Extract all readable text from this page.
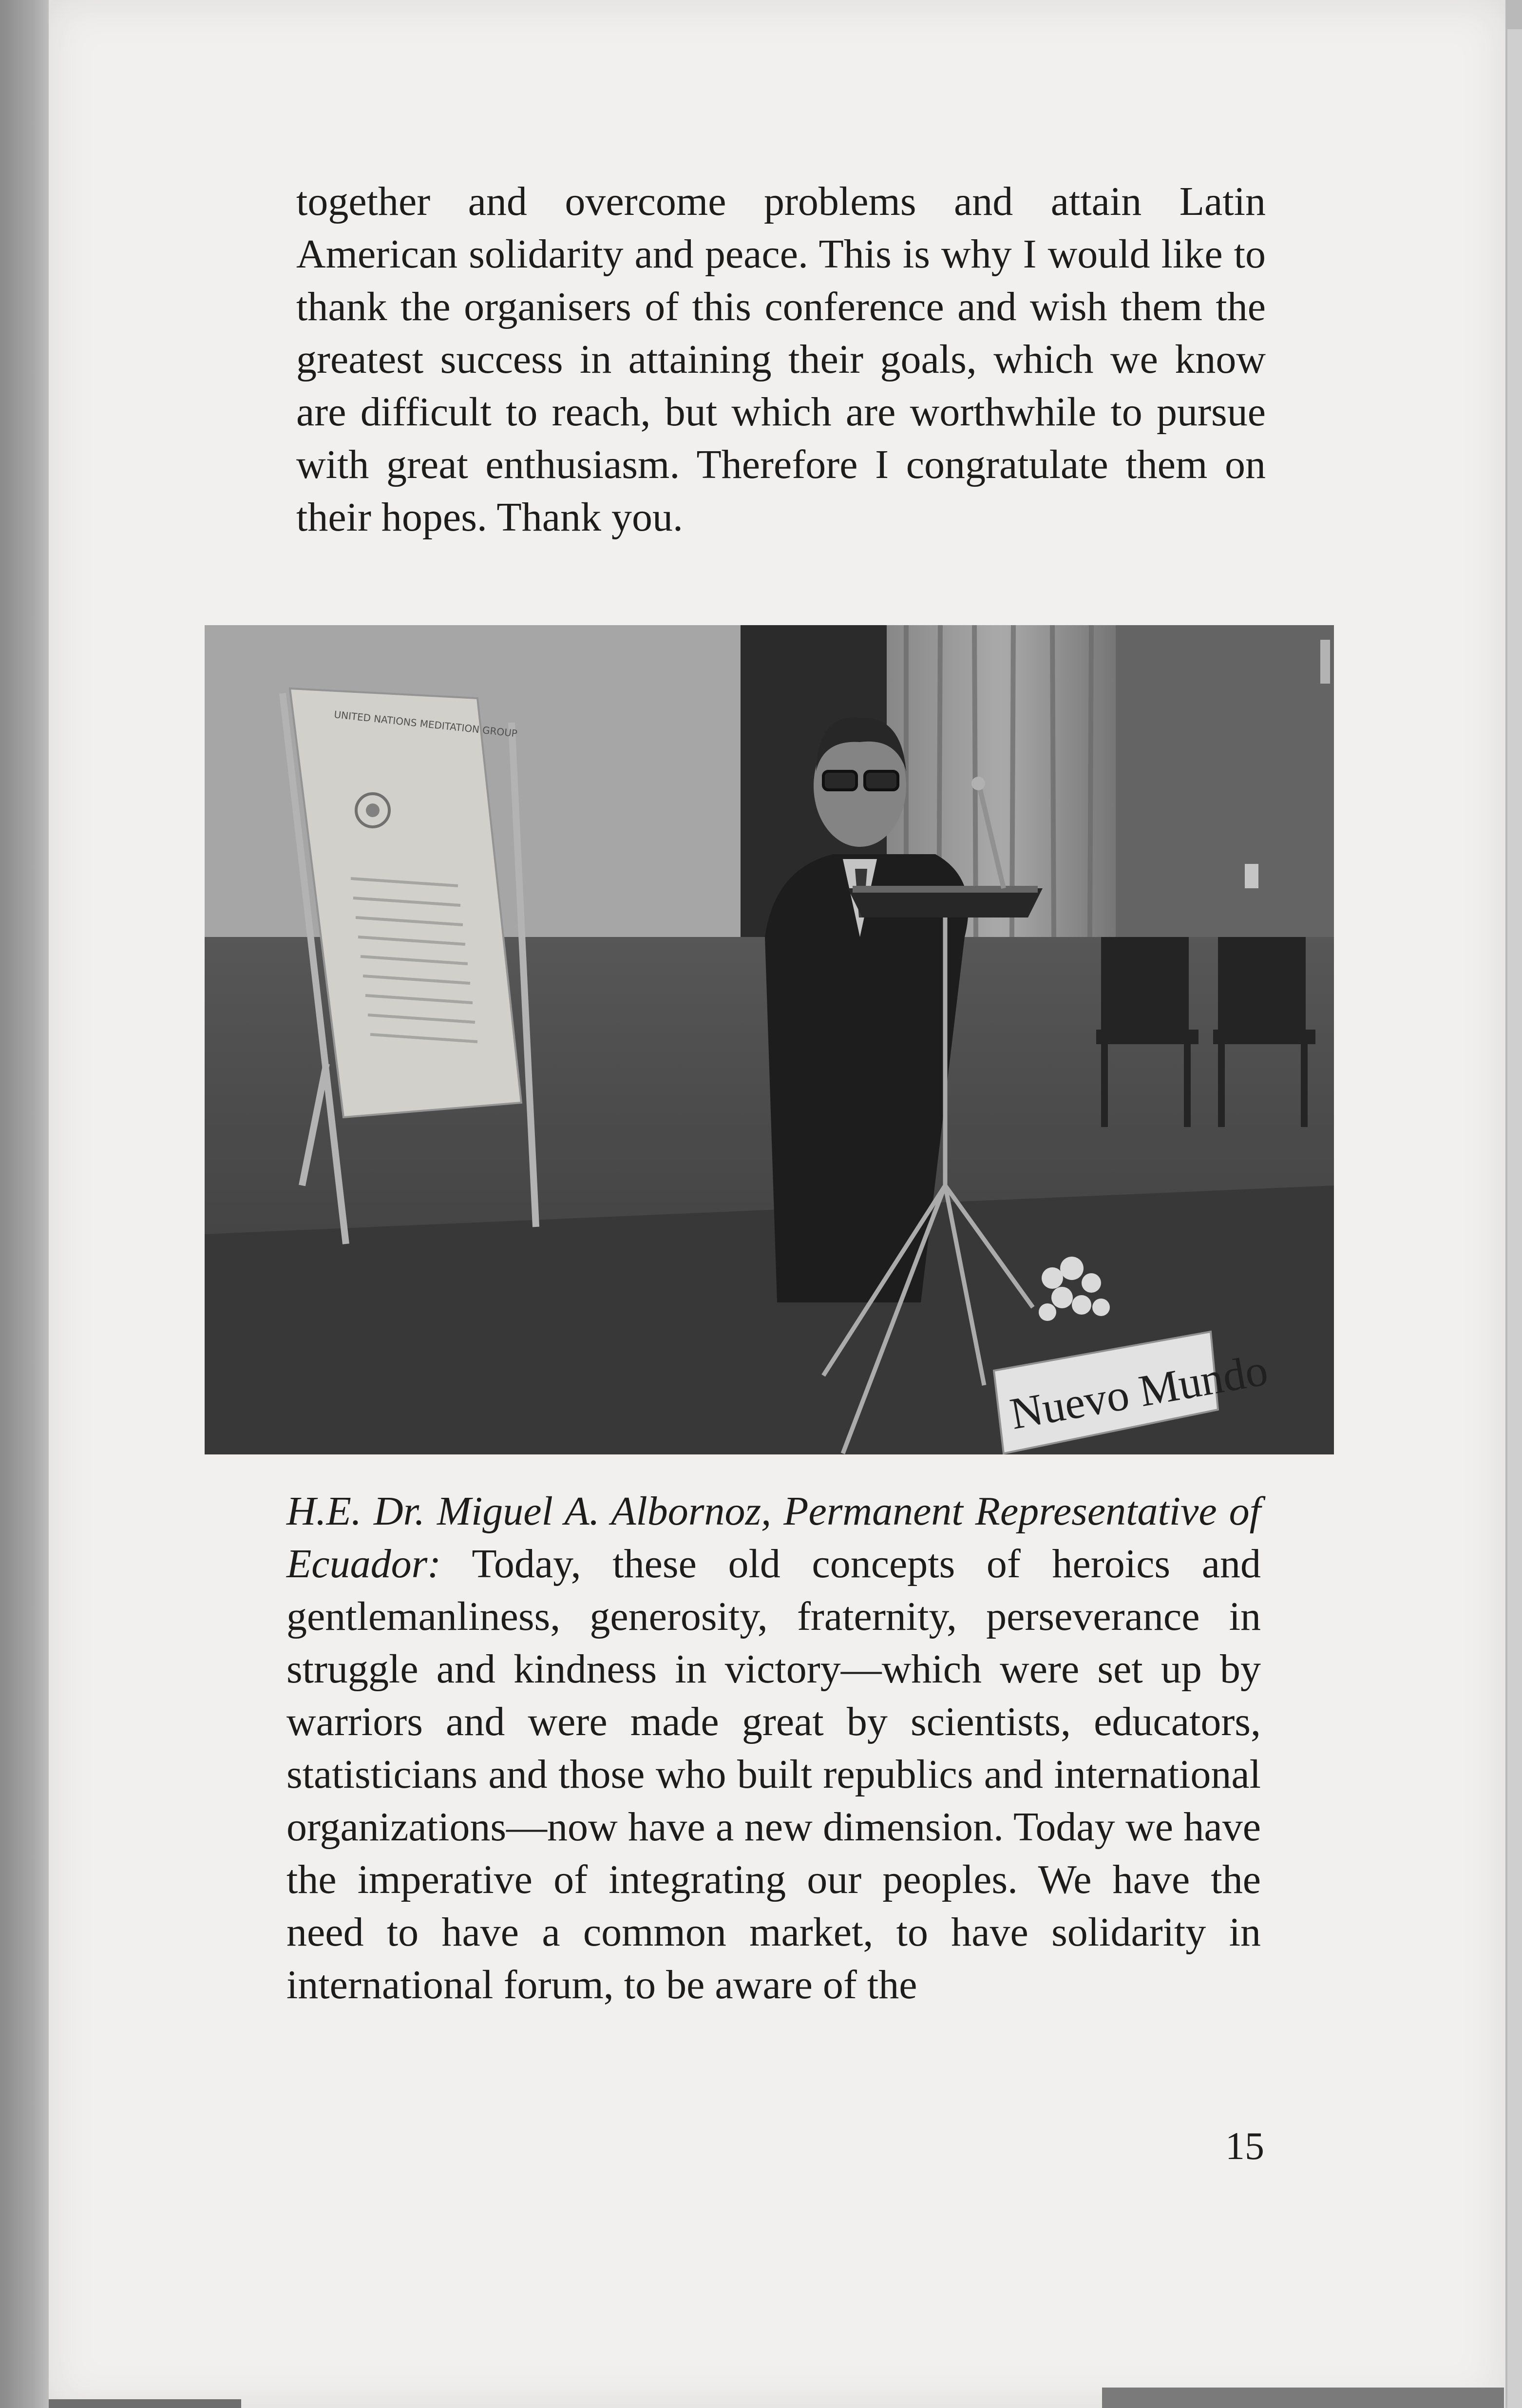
together and overcome problems and attain Latin American solidarity and peace. This is why I would like to thank the organisers of this conference and wish them the greatest success in attaining their goals, which we know are difficult to reach, but which are worthwhile to pursue with great enthusiasm. Therefore I congratulate them on their hopes. Thank you.

UNITED NATIONS MEDITATION GROUP
Nuevo Mundo

H.E. Dr. Miguel A. Albornoz, Permanent Representative of Ecuador: Today, these old concepts of heroics and gentlemanliness, generosity, fraternity, perseverance in struggle and kindness in victory—which were set up by warriors and were made great by scientists, educators, statisticians and those who built republics and international organizations—now have a new dimension. Today we have the imperative of integrating our peoples. We have the need to have a common market, to have solidarity in international forum, to be aware of the

15
